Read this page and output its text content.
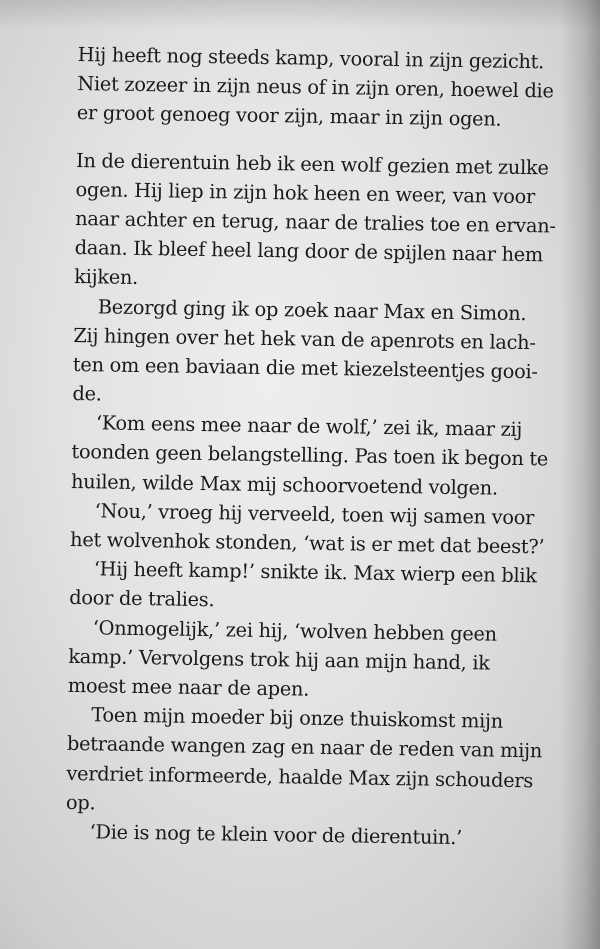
Hij heeft nog steeds kamp, vooral in zijn gezicht.
Niet zozeer in zijn neus of in zijn oren, hoewel die
er groot genoeg voor zijn, maar in zijn ogen.
In de dierentuin heb ik een wolf gezien met zulke
ogen. Hij liep in zijn hok heen en weer, van voor
naar achter en terug, naar de tralies toe en ervan-
daan. Ik bleef heel lang door de spijlen naar hem
kijken.
Bezorgd ging ik op zoek naar Max en Simon.
Zij hingen over het hek van de apenrots en lach-
ten om een baviaan die met kiezelsteentjes gooi-
de.
‘Kom eens mee naar de wolf,’ zei ik, maar zij
toonden geen belangstelling. Pas toen ik begon te
huilen, wilde Max mij schoorvoetend volgen.
‘Nou,’ vroeg hij verveeld, toen wij samen voor
het wolvenhok stonden, ‘wat is er met dat beest?’
‘Hij heeft kamp!’ snikte ik. Max wierp een blik
door de tralies.
‘Onmogelijk,’ zei hij, ‘wolven hebben geen
kamp.’ Vervolgens trok hij aan mijn hand, ik
moest mee naar de apen.
Toen mijn moeder bij onze thuiskomst mijn
betraande wangen zag en naar de reden van mijn
verdriet informeerde, haalde Max zijn schouders
op.
‘Die is nog te klein voor de dierentuin.’
